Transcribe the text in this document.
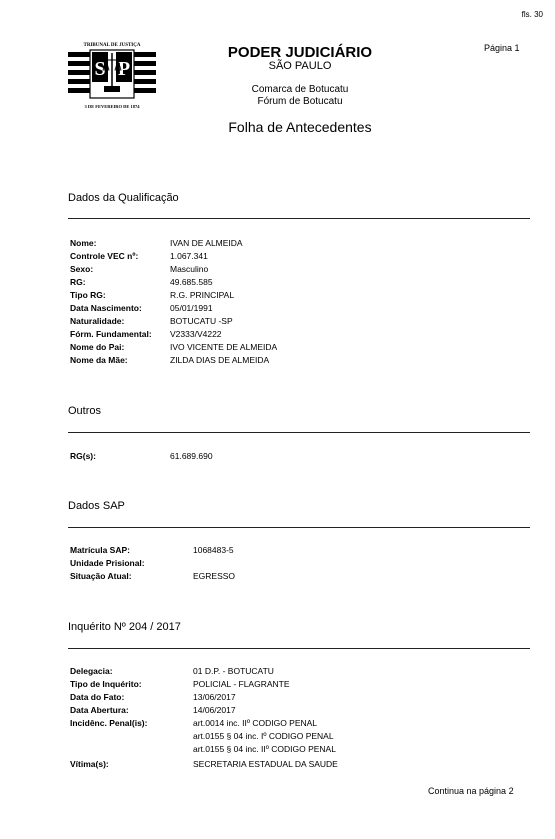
fls. 30
Página 1
TRIBUNAL DE JUSTIÇA
S P
3 DE FEVEREIRO DE 1874
PODER JUDICIÁRIO
SÃO PAULO
Comarca de Botucatu
Fórum de Botucatu
Folha de Antecedentes
Dados da Qualificação
Nome:	IVAN DE ALMEIDA
Controle VEC nº:	1.067.341
Sexo:	Masculino
RG:	49.685.585
Tipo RG:	R.G. PRINCIPAL
Data Nascimento:	05/01/1991
Naturalidade:	BOTUCATU -SP
Fórm. Fundamental: V2333/V4222
Nome do Pai:	IVO VICENTE DE ALMEIDA
Nome da Mãe:	ZILDA DIAS DE ALMEIDA
Outros
RG(s):	61.689.690
Dados SAP
Matrícula SAP:	1068483-5
Unidade Prisional:
Situação Atual:	EGRESSO
Inquérito Nº 204 / 2017
Delegacia:	01 D.P. - BOTUCATU
Tipo de Inquérito:	POLICIAL - FLAGRANTE
Data do Fato:	13/06/2017
Data Abertura:	14/06/2017
Incidênc. Penal(is):	art.0014 inc. IIº CODIGO PENAL
art.0155 § 04 inc. Iº CODIGO PENAL
art.0155 § 04 inc. IIº CODIGO PENAL
Vítima(s):	SECRETARIA ESTADUAL DA SAUDE
Continua na página 2
